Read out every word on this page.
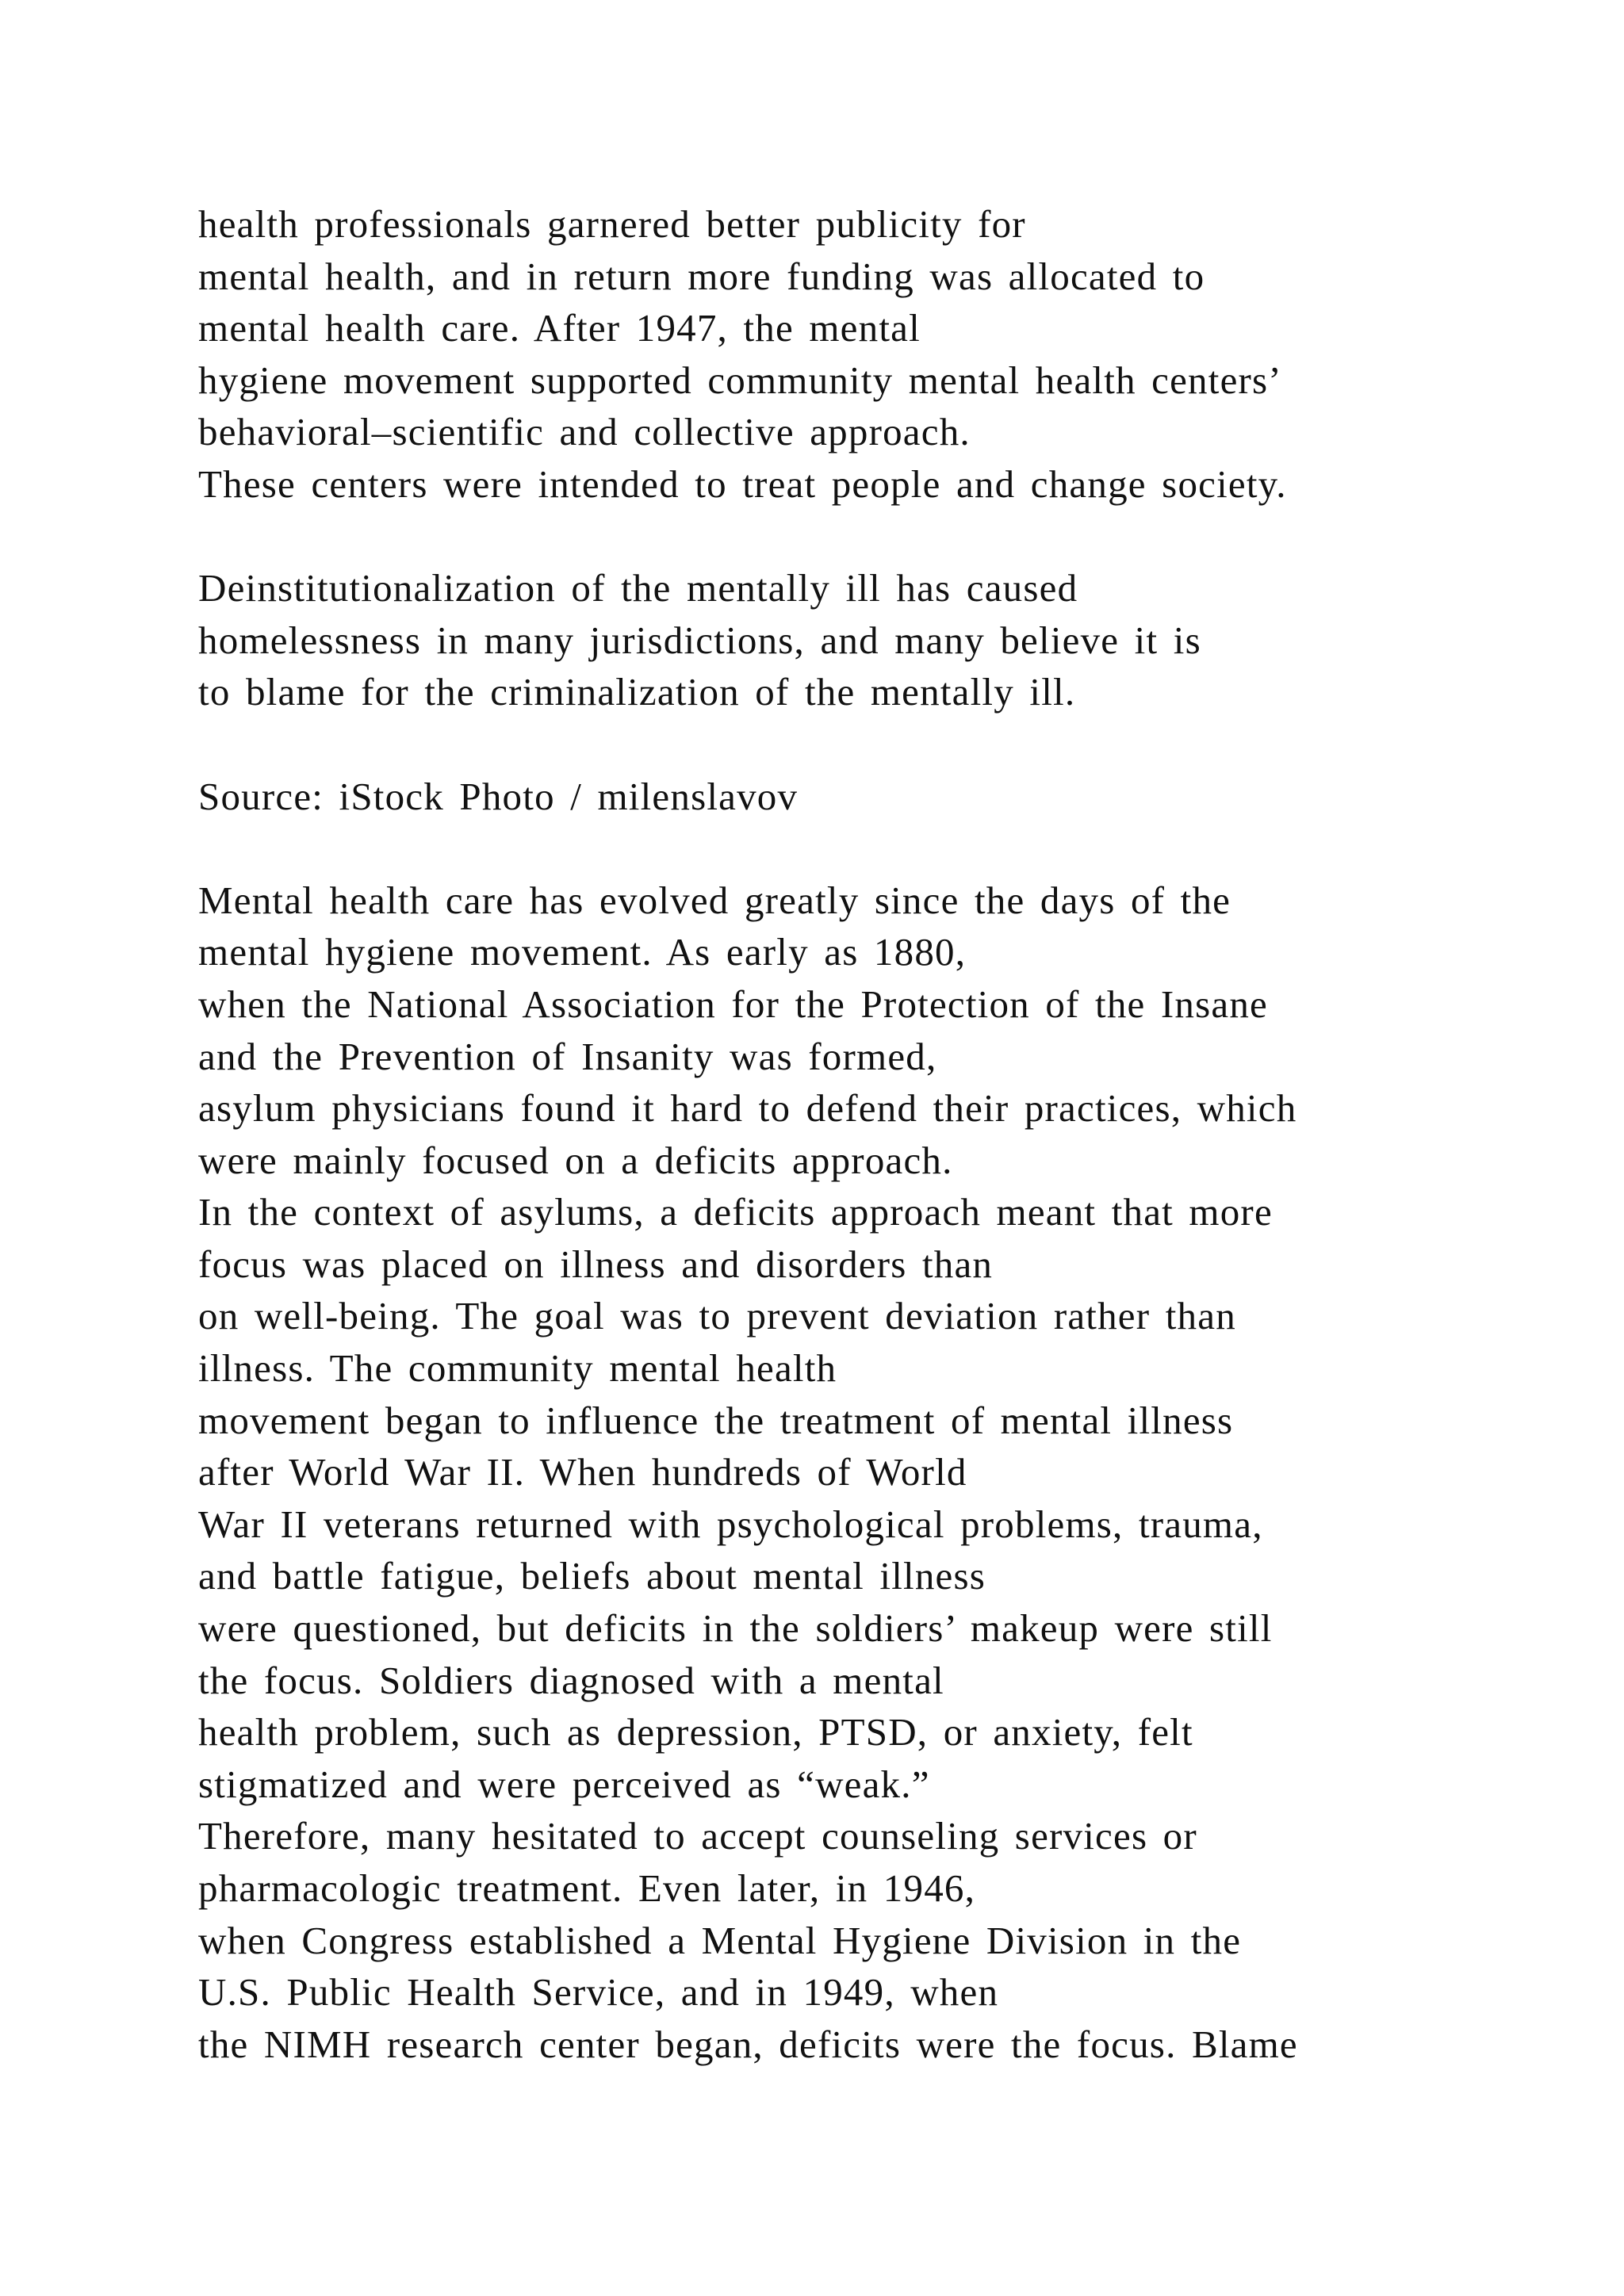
health professionals garnered better publicity for
mental health, and in return more funding was allocated to
mental health care. After 1947, the mental
hygiene movement supported community mental health centers’
behavioral–scientific and collective approach.
These centers were intended to treat people and change society.
Deinstitutionalization of the mentally ill has caused
homelessness in many jurisdictions, and many believe it is
to blame for the criminalization of the mentally ill.
Source: iStock Photo / milenslavov
Mental health care has evolved greatly since the days of the
mental hygiene movement. As early as 1880,
when the National Association for the Protection of the Insane
and the Prevention of Insanity was formed,
asylum physicians found it hard to defend their practices, which
were mainly focused on a deficits approach.
In the context of asylums, a deficits approach meant that more
focus was placed on illness and disorders than
on well-being. The goal was to prevent deviation rather than
illness. The community mental health
movement began to influence the treatment of mental illness
after World War II. When hundreds of World
War II veterans returned with psychological problems, trauma,
and battle fatigue, beliefs about mental illness
were questioned, but deficits in the soldiers’ makeup were still
the focus. Soldiers diagnosed with a mental
health problem, such as depression, PTSD, or anxiety, felt
stigmatized and were perceived as “weak.”
Therefore, many hesitated to accept counseling services or
pharmacologic treatment. Even later, in 1946,
when Congress established a Mental Hygiene Division in the
U.S. Public Health Service, and in 1949, when
the NIMH research center began, deficits were the focus. Blame
